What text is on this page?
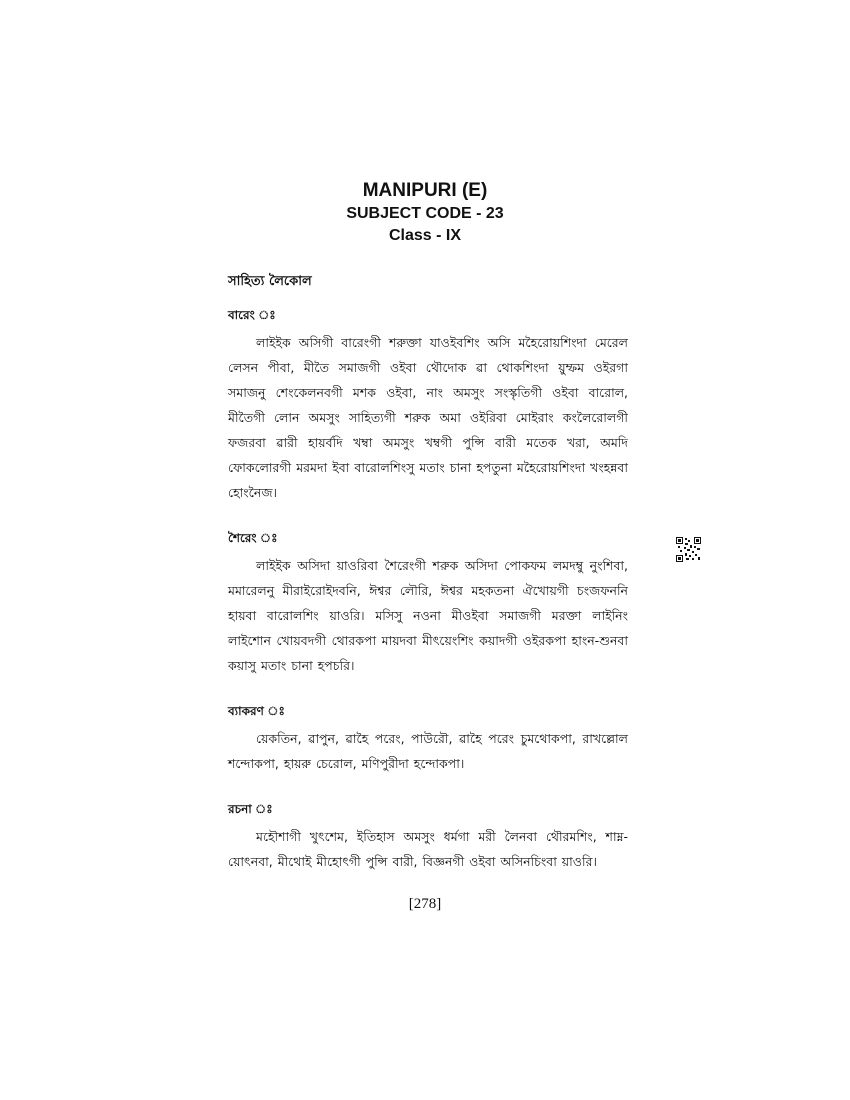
MANIPURI (E)
SUBJECT CODE - 23
Class - IX
সাহিত্য লৈকোল
বারেং ঃ

লাইইক অসিগী বারেংগী শরুক্তা যাওইবশিং অসি মহৈরোয়শিংদা মেরেল লেসন পীবা, মীতৈ সমাজগী ওইবা থৌদোক ৱা থোকশিংদা য়ুম্ফম ওইরগা সমাজনু শেংকেলনবগী মশক ওইবা, নাং অমসুং সংস্কৃতিগী ওইবা বারোল, মীতৈগী লোন অমসুং সাহিত্যগী শরুক অমা ওইরিবা মোইরাং কংলৈরোলগী ফজরবা ৱারী হায়র্বদি খম্বা অমসুং খম্বগী পুন্সি বারী মতেক খরা, অমদি ফোকলোরগী মরমদা ইবা বারোলশিংসু মতাং চানা হপতুনা মহৈরোয়শিংদা খংহন্নবা হোংনৈজ।

শৈরেং ঃ

লাইইক অসিদা য়াওরিবা শৈরেংগী শরুক অসিদা পোকফম লমদম্বু নুংশিবা, মমারেলনু মীরাইরোইদবনি, ঈশ্বর লৌরি, ঈশ্বর মহকতনা ঐখোয়গী চংজফননি হায়বা বারোলশিং য়াওরি। মসিসু নওনা মীওইবা সমাজগী মরক্তা লাইনিং লাইশোন খোয়বদগী থোরকপা মায়দবা মীৎয়েংশিং কয়াদগী ওইরকপা হাংন-শুনবা কয়াসু মতাং চানা হপচরি।

ব্যাকরণ ঃ

য়েকতিন, ৱাপুন, ৱাহৈ পরেং, পাউরৌ, ৱাহৈ পরেং চুমথোকপা, রাখল্লোল শন্দোকপা, হায়রু চেরোল, মণিপুরীদা হন্দোকপা।

রচনা ঃ

মহৌশাগী খুৎশেম, ইতিহাস অমসুং ধর্মগা মরী লৈনবা থৌরমশিং, শাম্ন-য়োৎনবা, মীথোই মীহোৎগী পুন্সি বারী, বিজ্ঞনগী ওইবা অসিনচিংবা য়াওরি।

[278]
